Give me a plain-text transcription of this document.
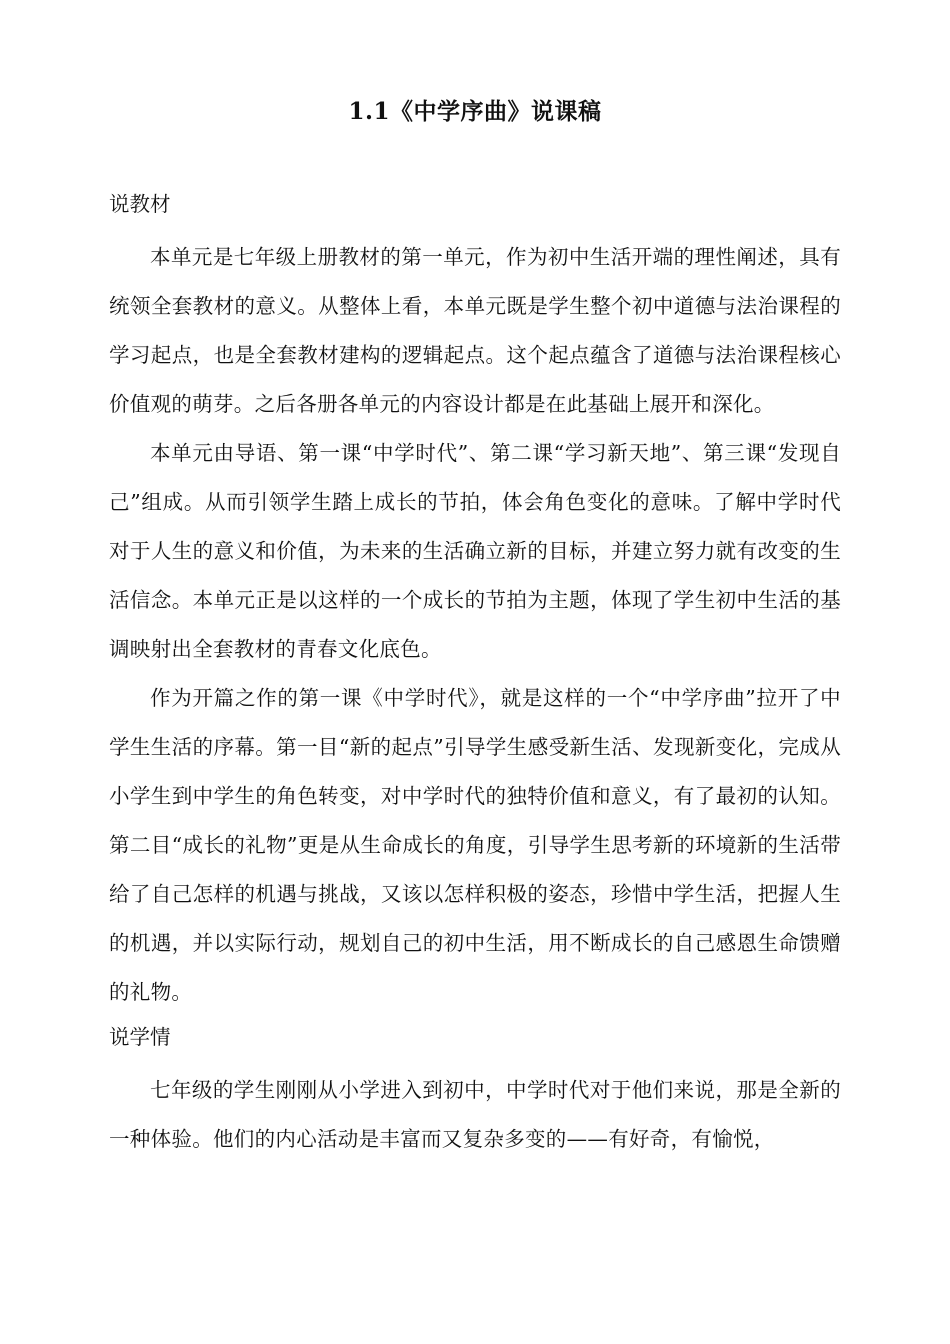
1.1《中学序曲》说课稿
说教材

本单元是七年级上册教材的第一单元，作为初中生活开端的理性阐述，具有统领全套教材的意义。从整体上看，本单元既是学生整个初中道德与法治课程的学习起点，也是全套教材建构的逻辑起点。这个起点蕴含了道德与法治课程核心价值观的萌芽。之后各册各单元的内容设计都是在此基础上展开和深化。

本单元由导语、第一课“中学时代”、第二课“学习新天地”、第三课“发现自己”组成。从而引领学生踏上成长的节拍，体会角色变化的意味。了解中学时代对于人生的意义和价值，为未来的生活确立新的目标，并建立努力就有改变的生活信念。本单元正是以这样的一个成长的节拍为主题，体现了学生初中生活的基调映射出全套教材的青春文化底色。

作为开篇之作的第一课《中学时代》，就是这样的一个“中学序曲”拉开了中学生生活的序幕。第一目“新的起点”引导学生感受新生活、发现新变化，完成从小学生到中学生的角色转变，对中学时代的独特价值和意义，有了最初的认知。第二目“成长的礼物”更是从生命成长的角度，引导学生思考新的环境新的生活带给了自己怎样的机遇与挑战，又该以怎样积极的姿态，珍惜中学生活，把握人生的机遇，并以实际行动，规划自己的初中生活，用不断成长的自己感恩生命馈赠的礼物。

说学情

七年级的学生刚刚从小学进入到初中，中学时代对于他们来说，那是全新的一种体验。他们的内心活动是丰富而又复杂多变的——有好奇，有愉悦，
